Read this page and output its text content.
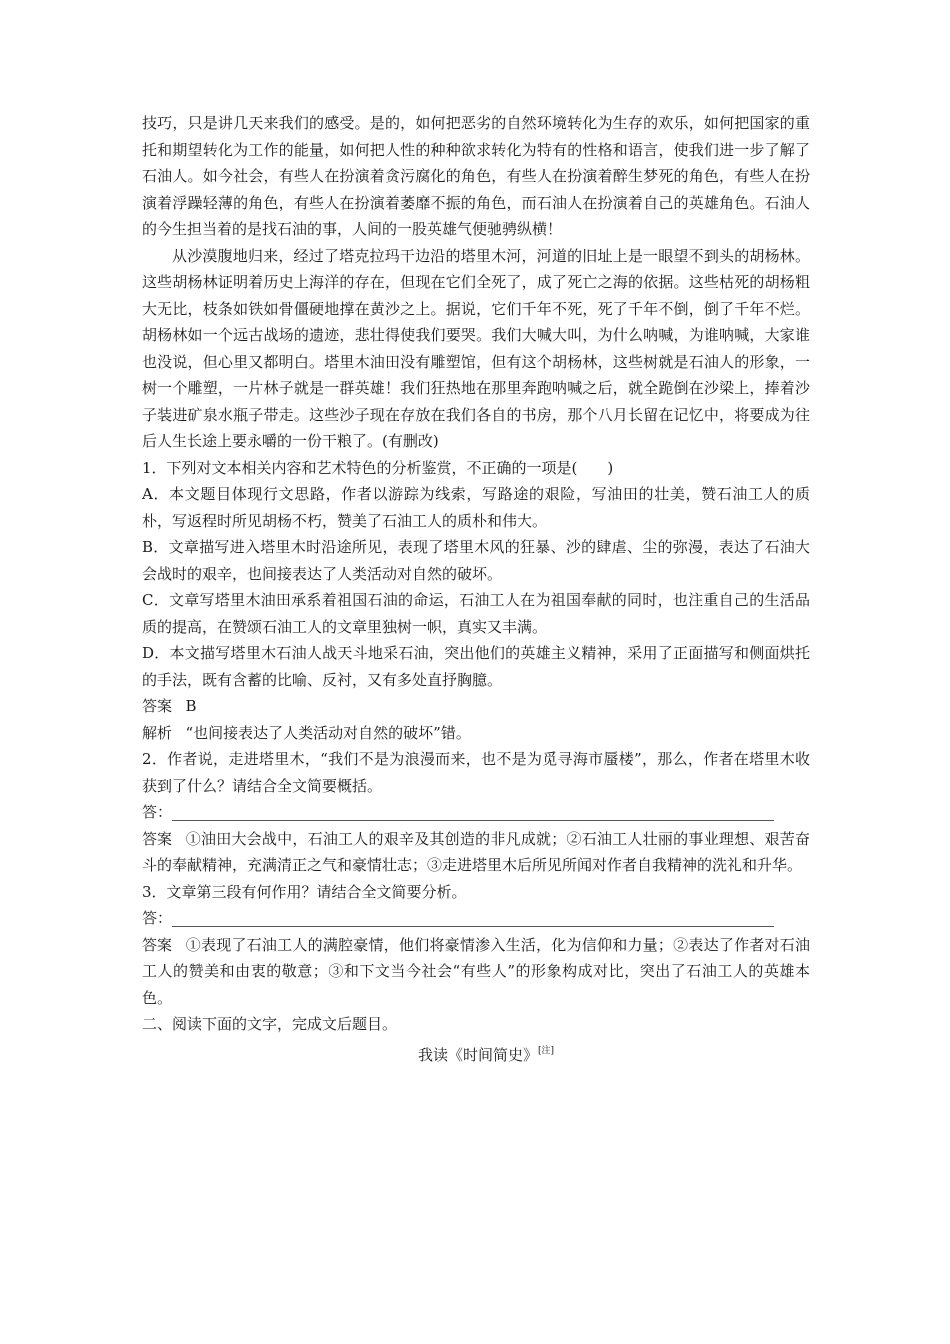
技巧，只是讲几天来我们的感受。是的，如何把恶劣的自然环境转化为生存的欢乐，如何把国家的重托和期望转化为工作的能量，如何把人性的种种欲求转化为特有的性格和语言，使我们进一步了解了石油人。如今社会，有些人在扮演着贪污腐化的角色，有些人在扮演着醉生梦死的角色，有些人在扮演着浮躁轻薄的角色，有些人在扮演着萎靡不振的角色，而石油人在扮演着自己的英雄角色。石油人的今生担当着的是找石油的事，人间的一股英雄气便驰骋纵横！

从沙漠腹地归来，经过了塔克拉玛干边沿的塔里木河，河道的旧址上是一眼望不到头的胡杨林。这些胡杨林证明着历史上海洋的存在，但现在它们全死了，成了死亡之海的依据。这些枯死的胡杨粗大无比，枝条如铁如骨僵硬地撑在黄沙之上。据说，它们千年不死，死了千年不倒，倒了千年不烂。胡杨林如一个远古战场的遗迹，悲壮得使我们要哭。我们大喊大叫，为什么呐喊，为谁呐喊，大家谁也没说，但心里又都明白。塔里木油田没有雕塑馆，但有这个胡杨林，这些树就是石油人的形象，一树一个雕塑，一片林子就是一群英雄！我们狂热地在那里奔跑呐喊之后，就全跪倒在沙梁上，捧着沙子装进矿泉水瓶子带走。这些沙子现在存放在我们各自的书房，那个八月长留在记忆中，将要成为往后人生长途上要永嚼的一份干粮了。(有删改)

1．下列对文本相关内容和艺术特色的分析鉴赏，不正确的一项是(　　)

A．本文题目体现行文思路，作者以游踪为线索，写路途的艰险，写油田的壮美，赞石油工人的质朴，写返程时所见胡杨不朽，赞美了石油工人的质朴和伟大。

B．文章描写进入塔里木时沿途所见，表现了塔里木风的狂暴、沙的肆虐、尘的弥漫，表达了石油大会战时的艰辛，也间接表达了人类活动对自然的破坏。

C．文章写塔里木油田承系着祖国石油的命运，石油工人在为祖国奉献的同时，也注重自己的生活品质的提高，在赞颂石油工人的文章里独树一帜，真实又丰满。

D．本文描写塔里木石油人战天斗地采石油，突出他们的英雄主义精神，采用了正面描写和侧面烘托的手法，既有含蓄的比喻、反衬，又有多处直抒胸臆。

答案 B

解析 “也间接表达了人类活动对自然的破坏”错。

2．作者说，走进塔里木，“我们不是为浪漫而来，也不是为觅寻海市蜃楼”，那么，作者在塔里木收获到了什么？请结合全文简要概括。

答：

答案 ①油田大会战中，石油工人的艰辛及其创造的非凡成就；②石油工人壮丽的事业理想、艰苦奋斗的奉献精神，充满清正之气和豪情壮志；③走进塔里木后所见所闻对作者自我精神的洗礼和升华。

3．文章第三段有何作用？请结合全文简要分析。

答：

答案 ①表现了石油工人的满腔豪情，他们将豪情渗入生活，化为信仰和力量；②表达了作者对石油工人的赞美和由衷的敬意；③和下文当今社会“有些人”的形象构成对比，突出了石油工人的英雄本色。

二、阅读下面的文字，完成文后题目。

我读《时间简史》[注]
